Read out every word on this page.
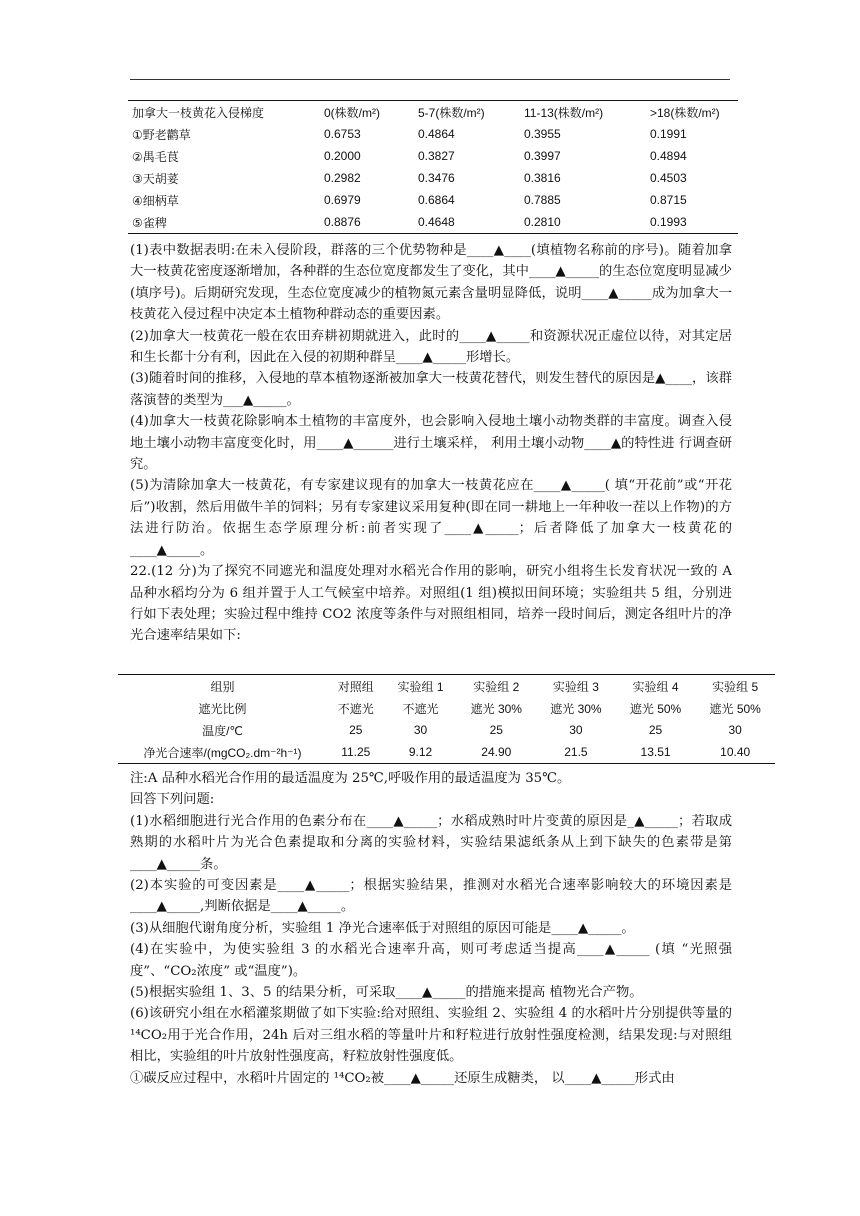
加拿大一枝黄花入侵梯度	0(株数/m²)	5-7(株数/m²)	11-13(株数/m²)	>18(株数/m²)
①野老鹳草	0.6753	0.4864	0.3955	0.1991
②禺毛茛	0.2000	0.3827	0.3997	0.4894
③天胡荽	0.2982	0.3476	0.3816	0.4503
④细柄草	0.6979	0.6864	0.7885	0.8715
⑤雀稗	0.8876	0.4648	0.2810	0.1993
(1)表中数据表明:在未入侵阶段，群落的三个优势物种是____▲____(填植物名称前的序号)。随着加拿大一枝黄花密度逐渐增加，各种群的生态位宽度都发生了变化，其中____▲_____的生态位宽度明显减少(填序号)。后期研究发现，生态位宽度减少的植物氮元素含量明显降低，说明____▲_____成为加拿大一枝黄花入侵过程中决定本土植物种群动态的重要因素。
(2)加拿大一枝黄花一般在农田弃耕初期就进入，此时的____▲_____和资源状况正虚位以待，对其定居和生长都十分有利，因此在入侵的初期种群呈____▲_____形增长。
(3)随着时间的推移，入侵地的草本植物逐渐被加拿大一枝黄花替代，则发生替代的原因是▲____，该群落演替的类型为___▲_____。
(4)加拿大一枝黄花除影响本土植物的丰富度外，也会影响入侵地土壤小动物类群的丰富度。调查入侵地土壤小动物丰富度变化时，用____▲______进行土壤采样， 利用土壤小动物____▲的特性进 行调查研究。
(5)为清除加拿大一枝黄花，有专家建议现有的加拿大一枝黄花应在____▲_____( 填“开花前”或“开花后”)收割，然后用做牛羊的饲料；另有专家建议采用复种(即在同一耕地上一年种收一茬以上作物)的方法进行防治。依据生态学原理分析:前者实现了____▲_____；后者降低了加拿大一枝黄花的____▲_____。
22.(12 分)为了探究不同遮光和温度处理对水稻光合作用的影响，研究小组将生长发育状况一致的 A 品种水稻均分为 6 组并置于人工气候室中培养。对照组(1 组)模拟田间环境；实验组共 5 组，分别进行如下表处理；实验过程中维持 CO2 浓度等条件与对照组相同，培养一段时间后，测定各组叶片的净光合速率结果如下:
组别	对照组	实验组 1	实验组 2	实验组 3	实验组 4	实验组 5
遮光比例	不遮光	不遮光	遮光 30%	遮光 30%	遮光 50%	遮光 50%
温度/℃	25	30	25	30	25	30
净光合速率/(mgCO₂.dm⁻²h⁻¹)	11.25	9.12	24.90	21.5	13.51	10.40
注:A 品种水稻光合作用的最适温度为 25℃,呼吸作用的最适温度为 35℃。
回答下列问题:
(1)水稻细胞进行光合作用的色素分布在____▲_____；水稻成熟时叶片变黄的原因是_▲_____；若取成熟期的水稻叶片为光合色素提取和分离的实验材料，实验结果滤纸条从上到下缺失的色素带是第____▲_____条。
(2)本实验的可变因素是____▲_____；根据实验结果，推测对水稻光合速率影响较大的环境因素是____▲_____,判断依据是____▲_____。
(3)从细胞代谢角度分析，实验组 1 净光合速率低于对照组的原因可能是____▲_____。
(4)在实验中，为使实验组 3 的水稻光合速率升高，则可考虑适当提高____▲_____ (填 “光照强度”、“CO₂浓度” 或“温度”)。
(5)根据实验组 1、3、5 的结果分析，可采取____▲_____的措施来提高 植物光合产物。
(6)该研究小组在水稻灌浆期做了如下实验:给对照组、实验组 2、实验组 4 的水稻叶片分别提供等量的 ¹⁴CO₂用于光合作用，24h 后对三组水稻的等量叶片和籽粒进行放射性强度检测，结果发现:与对照组相比，实验组的叶片放射性强度高，籽粒放射性强度低。
①碳反应过程中，水稻叶片固定的 ¹⁴CO₂被____▲_____还原生成糖类， 以____▲_____形式由
